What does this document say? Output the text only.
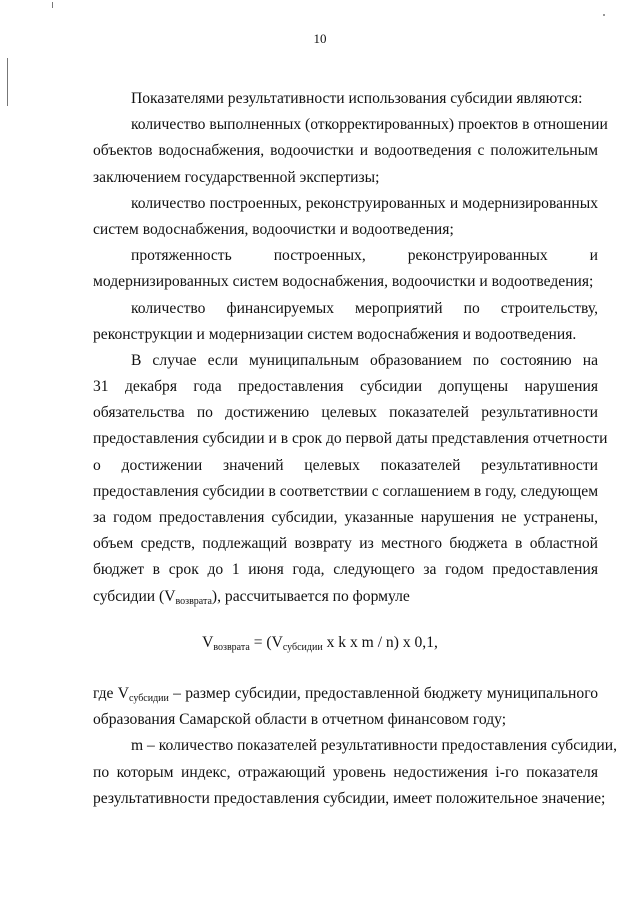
10
Показателями результативности использования субсидии являются:
количество выполненных (откорректированных) проектов в отношении
объектов водоснабжения, водоочистки и водоотведения с положительным
заключением государственной экспертизы;
количество построенных, реконструированных и модернизированных
систем водоснабжения, водоочистки и водоотведения;
протяженность построенных, реконструированных и
модернизированных систем водоснабжения, водоочистки и водоотведения;
количество финансируемых мероприятий по строительству,
реконструкции и модернизации систем водоснабжения и водоотведения.
В случае если муниципальным образованием по состоянию на
31 декабря года предоставления субсидии допущены нарушения
обязательства по достижению целевых показателей результативности
предоставления субсидии и в срок до первой даты представления отчетности
о достижении значений целевых показателей результативности
предоставления субсидии в соответствии с соглашением в году, следующем
за годом предоставления субсидии, указанные нарушения не устранены,
объем средств, подлежащий возврату из местного бюджета в областной
бюджет в срок до 1 июня года, следующего за годом предоставления
субсидии $(V_{возврата})$, рассчитывается по формуле
$V_{возврата} = (V_{субсидии}$ x k x m / n) x 0,1,
где $V_{субсидии}$ – размер субсидии, предоставленной бюджету муниципального
образования Самарской области в отчетном финансовом году;
m – количество показателей результативности предоставления субсидии,
по которым индекс, отражающий уровень недостижения i-го показателя
результативности предоставления субсидии, имеет положительное значение;
